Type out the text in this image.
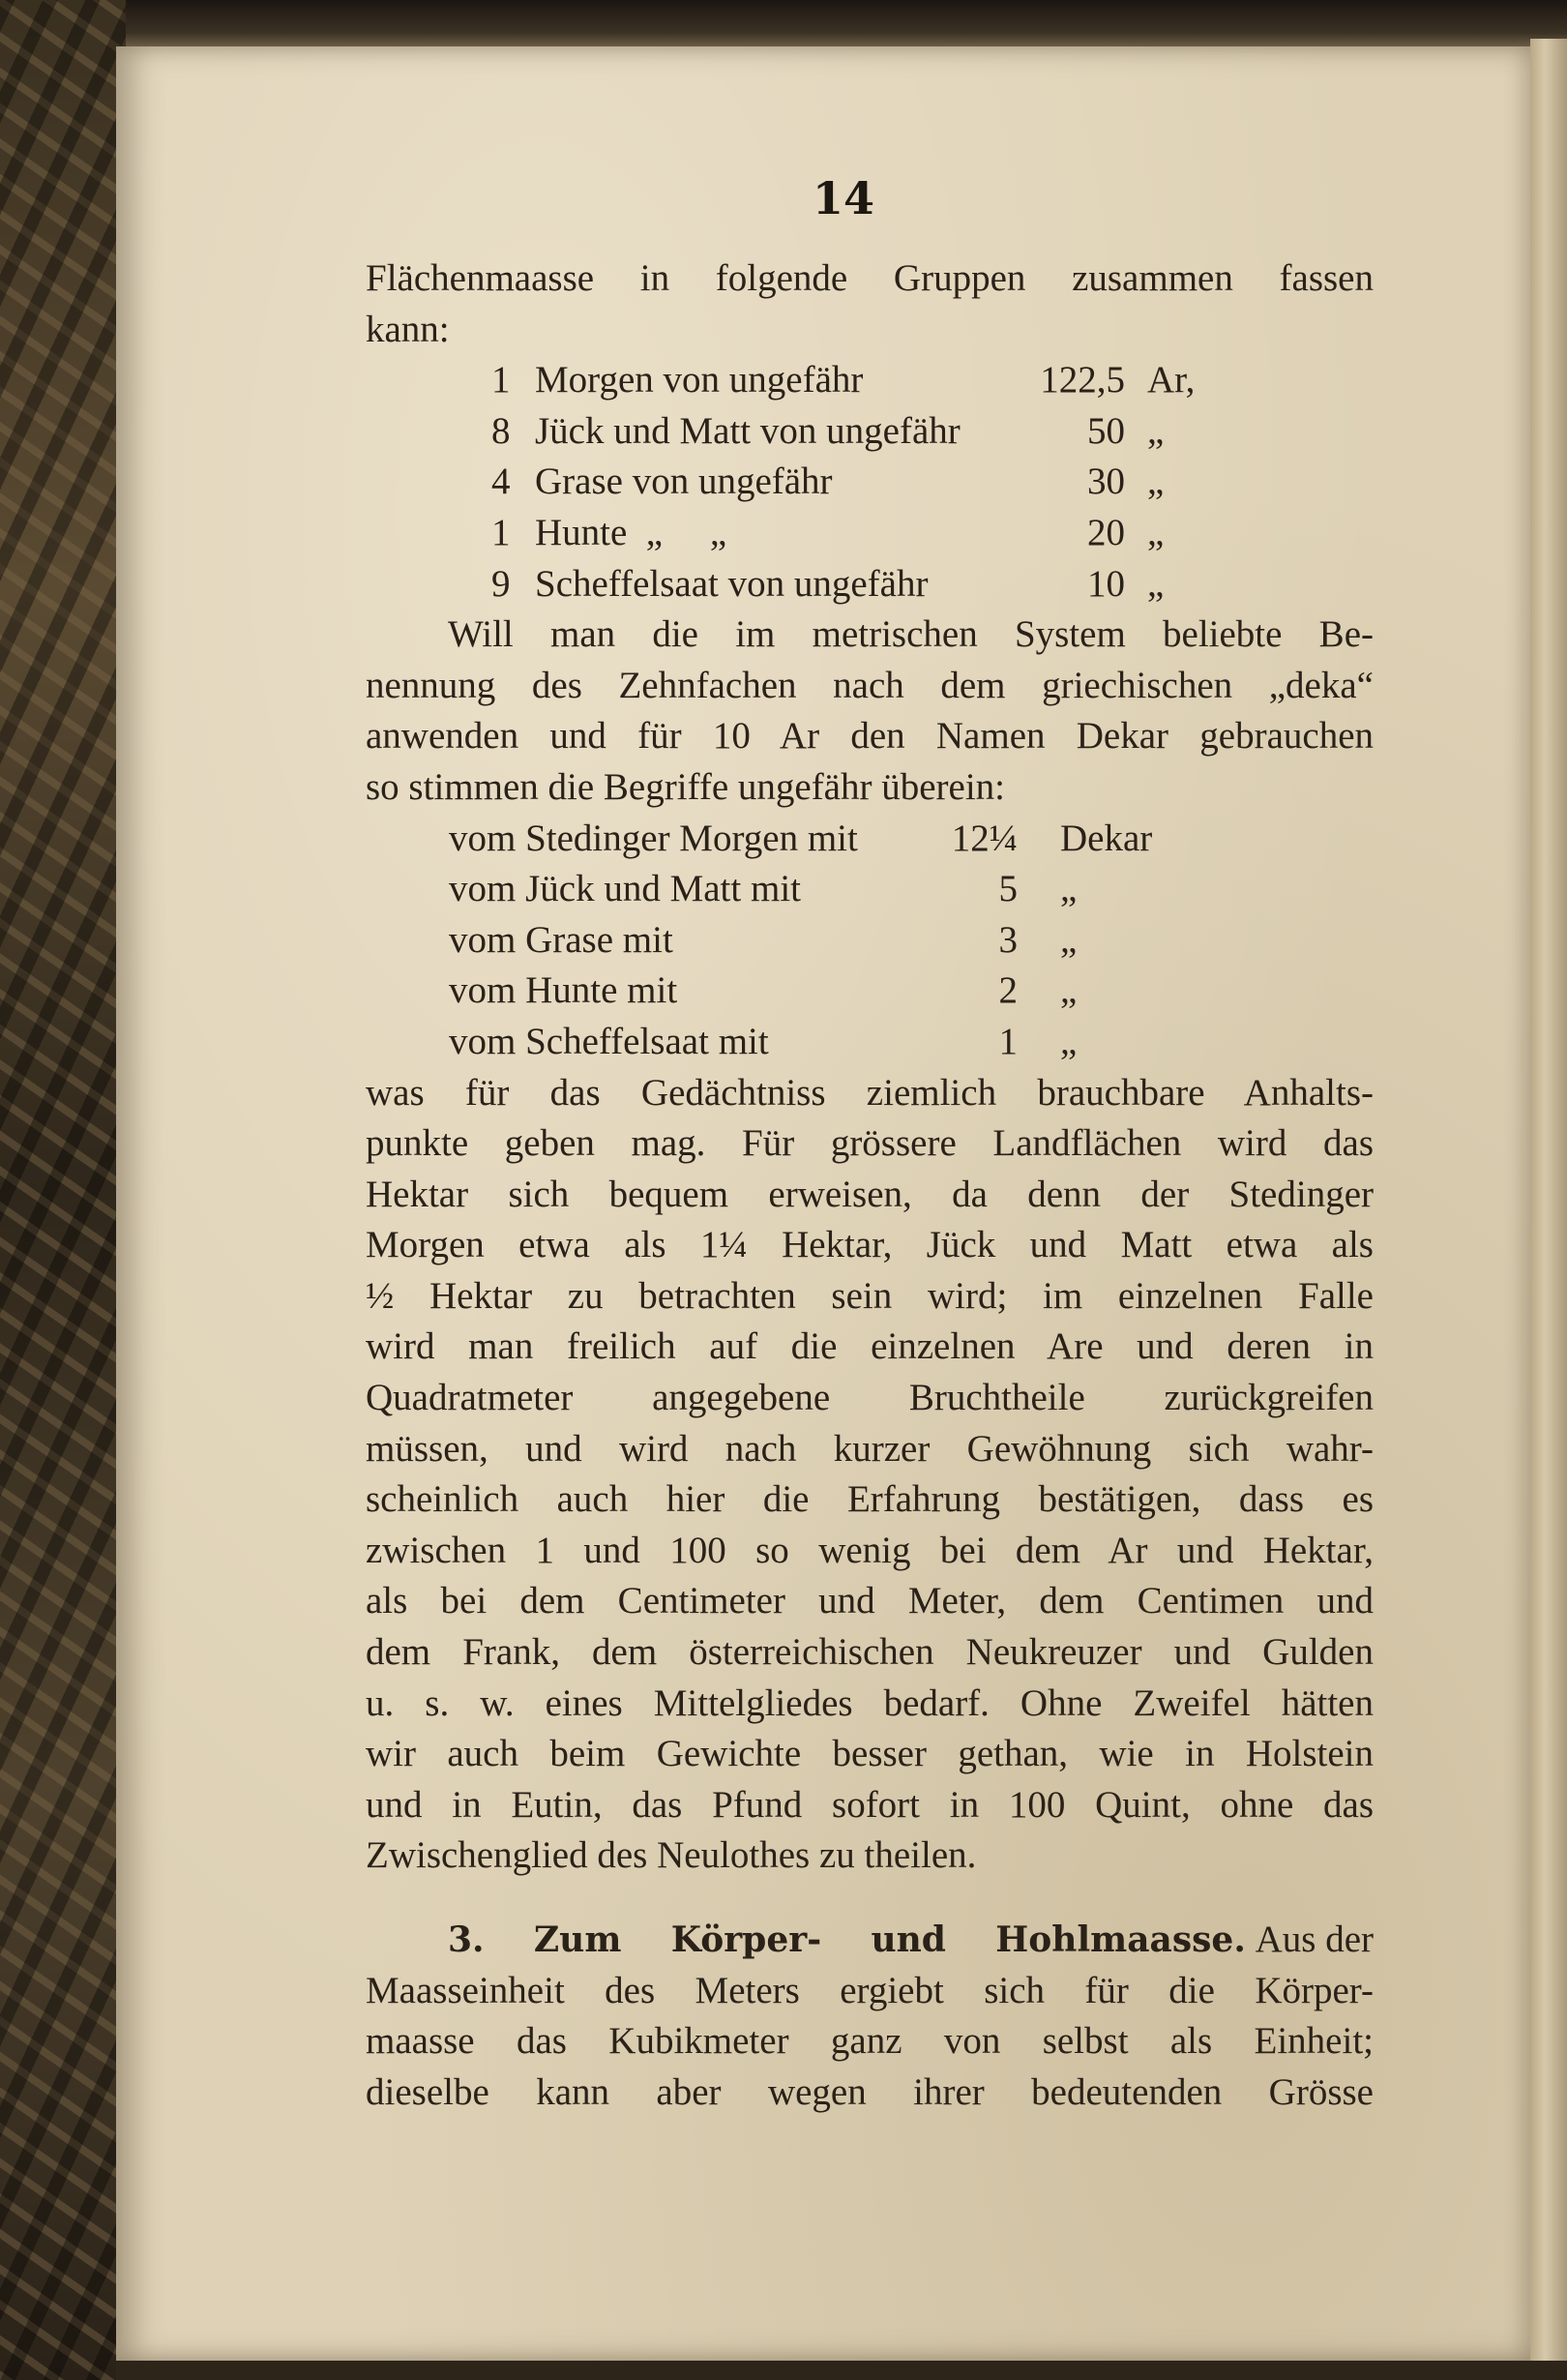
14
Flächenmaasse in folgende Gruppen zusammen fassen
kann:
1 Morgen von ungefähr	122,5 Ar,
8 Jück und Matt von ungefähr	50 „
4 Grase von ungefähr	30 „
1 Hunte  „     „	20 „
9 Scheffelsaat von ungefähr	10 „
Will man die im metrischen System beliebte Be-
nennung des Zehnfachen nach dem griechischen „deka“
anwenden und für 10 Ar den Namen Dekar gebrauchen
so stimmen die Begriffe ungefähr überein:
vom Stedinger Morgen mit 12¼ Dekar
vom Jück und Matt mit	5 „
vom Grase mit	3 „
vom Hunte mit	2 „
vom Scheffelsaat mit	1 „
was für das Gedächtniss ziemlich brauchbare Anhalts-
punkte geben mag. Für grössere Landflächen wird das
Hektar sich bequem erweisen, da denn der Stedinger
Morgen etwa als 1¼ Hektar, Jück und Matt etwa als
½ Hektar zu betrachten sein wird; im einzelnen Falle
wird man freilich auf die einzelnen Are und deren in
Quadratmeter angegebene Bruchtheile zurückgreifen
müssen, und wird nach kurzer Gewöhnung sich wahr-
scheinlich auch hier die Erfahrung bestätigen, dass es
zwischen 1 und 100 so wenig bei dem Ar und Hektar,
als bei dem Centimeter und Meter, dem Centimen und
dem Frank, dem österreichischen Neukreuzer und Gulden
u. s. w. eines Mittelgliedes bedarf. Ohne Zweifel hätten
wir auch beim Gewichte besser gethan, wie in Holstein
und in Eutin, das Pfund sofort in 100 Quint, ohne das
Zwischenglied des Neulothes zu theilen.
3. Zum Körper- und Hohlmaasse. Aus der
Maasseinheit des Meters ergiebt sich für die Körper-
maasse das Kubikmeter ganz von selbst als Einheit;
dieselbe kann aber wegen ihrer bedeutenden Grösse
